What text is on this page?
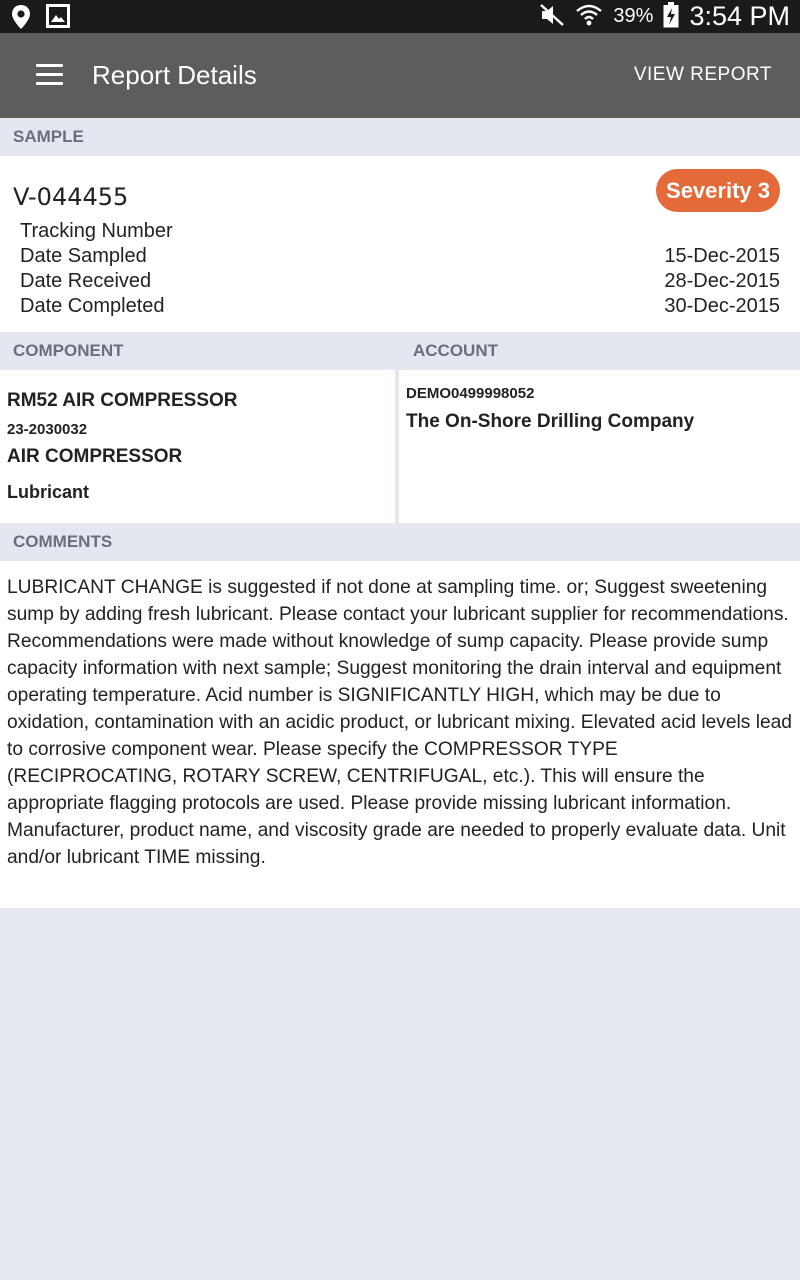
39% 3:54 PM
Report Details	VIEW REPORT
SAMPLE
V-044455	Severity 3
Tracking Number
Date Sampled	15-Dec-2015
Date Received	28-Dec-2015
Date Completed	30-Dec-2015
COMPONENT	ACCOUNT
RM52 AIR COMPRESSOR
23-2030032
AIR COMPRESSOR
Lubricant
DEMO0499998052
The On-Shore Drilling Company
COMMENTS
LUBRICANT CHANGE is suggested if not done at sampling time. or; Suggest sweetening sump by adding fresh lubricant. Please contact your lubricant supplier for recommendations. Recommendations were made without knowledge of sump capacity. Please provide sump capacity information with next sample; Suggest monitoring the drain interval and equipment operating temperature. Acid number is SIGNIFICANTLY HIGH, which may be due to oxidation, contamination with an acidic product, or lubricant mixing. Elevated acid levels lead to corrosive component wear. Please specify the COMPRESSOR TYPE (RECIPROCATING, ROTARY SCREW, CENTRIFUGAL, etc.). This will ensure the appropriate flagging protocols are used. Please provide missing lubricant information. Manufacturer, product name, and viscosity grade are needed to properly evaluate data. Unit and/or lubricant TIME missing.
